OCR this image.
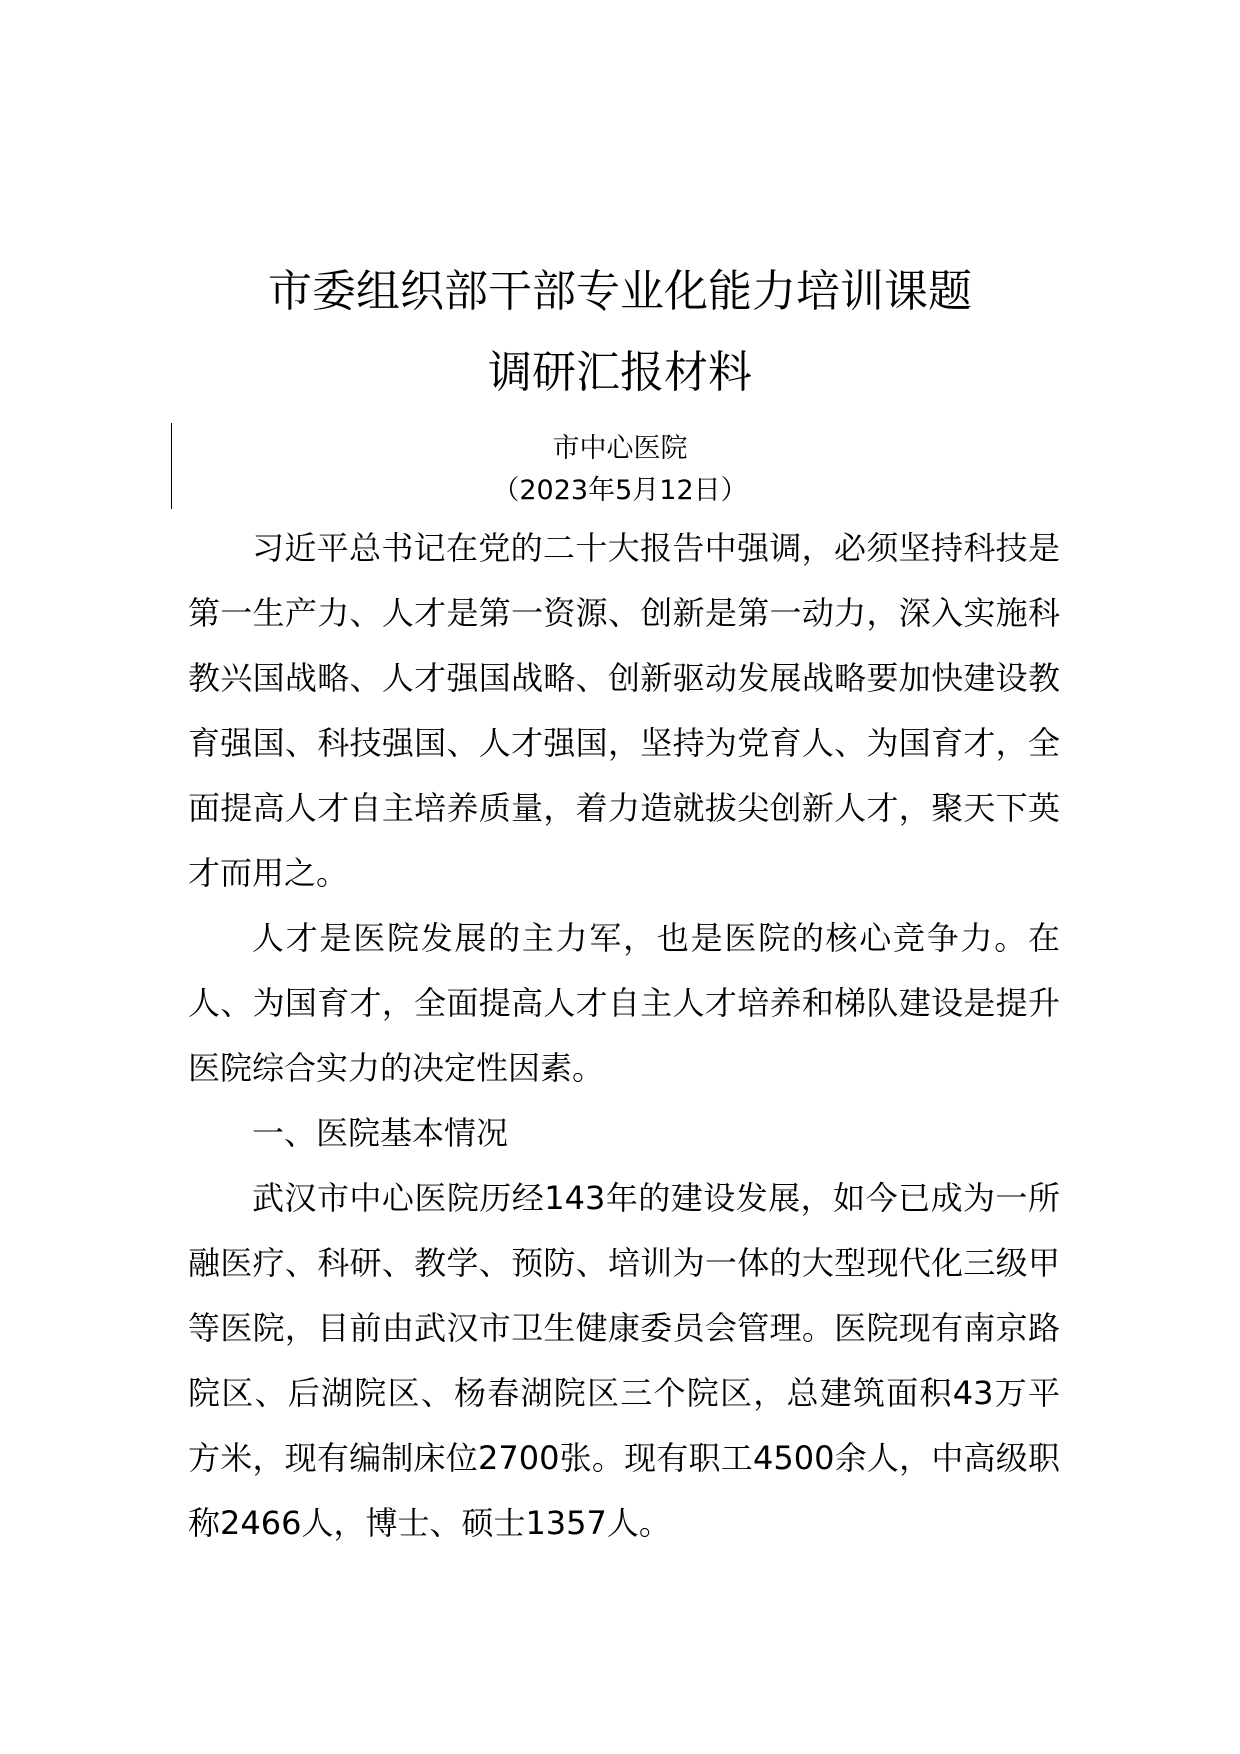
市委组织部干部专业化能力培训课题
调研汇报材料
市中心医院
（2023年5月12日）

习近平总书记在党的二十大报告中强调，必须坚持科技是第一生产力、人才是第一资源、创新是第一动力，深入实施科教兴国战略、人才强国战略、创新驱动发展战略要加快建设教育强国、科技强国、人才强国，坚持为党育人、为国育才，全面提高人才自主培养质量，着力造就拔尖创新人才，聚天下英才而用之。

人才是医院发展的主力军，也是医院的核心竞争力。在人、为国育才，全面提高人才自主人才培养和梯队建设是提升医院综合实力的决定性因素。

一、医院基本情况

武汉市中心医院历经143年的建设发展，如今已成为一所融医疗、科研、教学、预防、培训为一体的大型现代化三级甲等医院，目前由武汉市卫生健康委员会管理。医院现有南京路院区、后湖院区、杨春湖院区三个院区，总建筑面积43万平方米，现有编制床位2700张。现有职工4500余人，中高级职称2466人，博士、硕士1357人。
